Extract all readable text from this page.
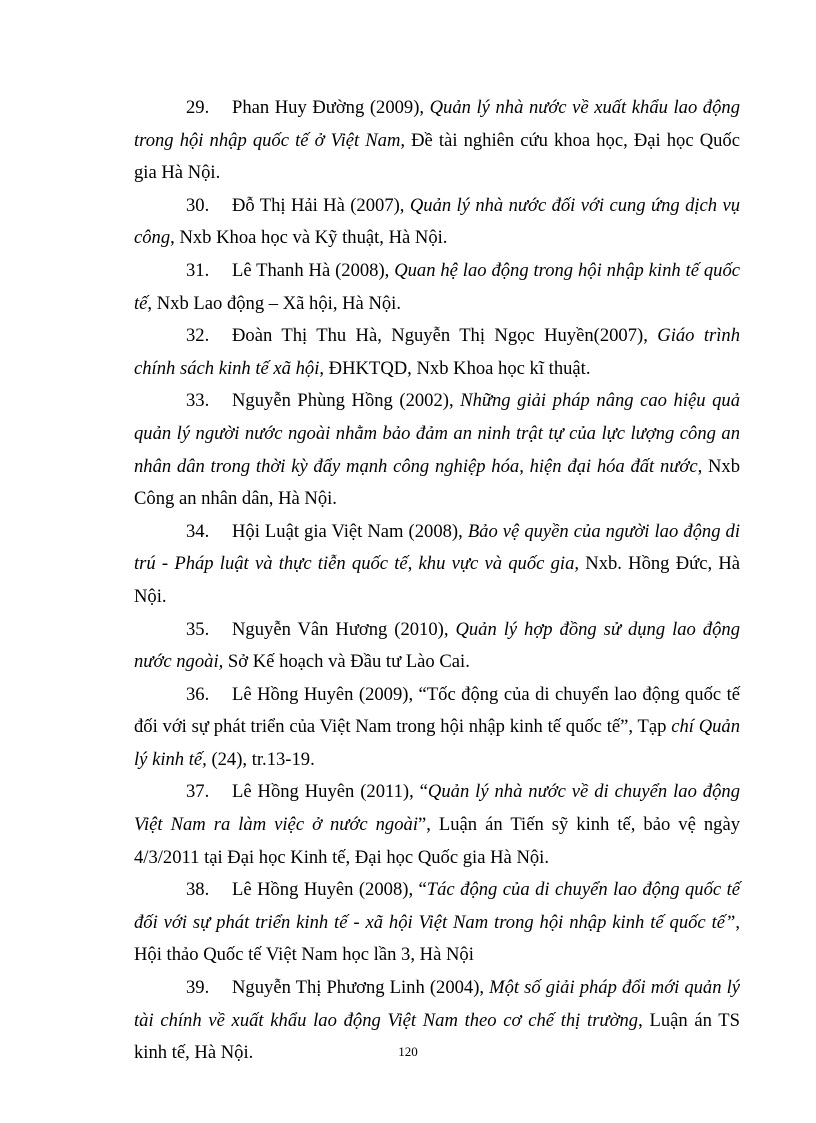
29. Phan Huy Đường (2009), Quản lý nhà nước về xuất khẩu lao động trong hội nhập quốc tế ở Việt Nam, Đề tài nghiên cứu khoa học, Đại học Quốc gia Hà Nội.

30. Đỗ Thị Hải Hà (2007), Quản lý nhà nước đối với cung ứng dịch vụ công, Nxb Khoa học và Kỹ thuật, Hà Nội.

31. Lê Thanh Hà (2008), Quan hệ lao động trong hội nhập kinh tế quốc tế, Nxb Lao động – Xã hội, Hà Nội.

32. Đoàn Thị Thu Hà, Nguyễn Thị Ngọc Huyền(2007), Giáo trình chính sách kinh tế xã hội, ĐHKTQD, Nxb Khoa học kĩ thuật.

33. Nguyễn Phùng Hồng (2002), Những giải pháp nâng cao hiệu quả quản lý người nước ngoài nhằm bảo đảm an ninh trật tự của lực lượng công an nhân dân trong thời kỳ đẩy mạnh công nghiệp hóa, hiện đại hóa đất nước, Nxb Công an nhân dân, Hà Nội.

34. Hội Luật gia Việt Nam (2008), Bảo vệ quyền của người lao động di trú - Pháp luật và thực tiễn quốc tế, khu vực và quốc gia, Nxb. Hồng Đức, Hà Nội.

35. Nguyễn Vân Hương (2010), Quản lý hợp đồng sử dụng lao động nước ngoài, Sở Kế hoạch và Đầu tư Lào Cai.

36. Lê Hồng Huyên (2009), “Tốc động của di chuyển lao động quốc tế đối với sự phát triển của Việt Nam trong hội nhập kinh tế quốc tế”, Tạp chí Quản lý kinh tế, (24), tr.13-19.

37. Lê Hồng Huyên (2011), “Quản lý nhà nước về di chuyển lao động Việt Nam ra làm việc ở nước ngoài”, Luận án Tiến sỹ kinh tế, bảo vệ ngày 4/3/2011 tại Đại học Kinh tế, Đại học Quốc gia Hà Nội.

38. Lê Hồng Huyên (2008), “Tác động của di chuyển lao động quốc tế đối với sự phát triển kinh tế - xã hội Việt Nam trong hội nhập kinh tế quốc tế”, Hội thảo Quốc tế Việt Nam học lần 3, Hà Nội

39. Nguyễn Thị Phương Linh (2004), Một số giải pháp đổi mới quản lý tài chính về xuất khẩu lao động Việt Nam theo cơ chế thị trường, Luận án TS kinh tế, Hà Nội.	120
